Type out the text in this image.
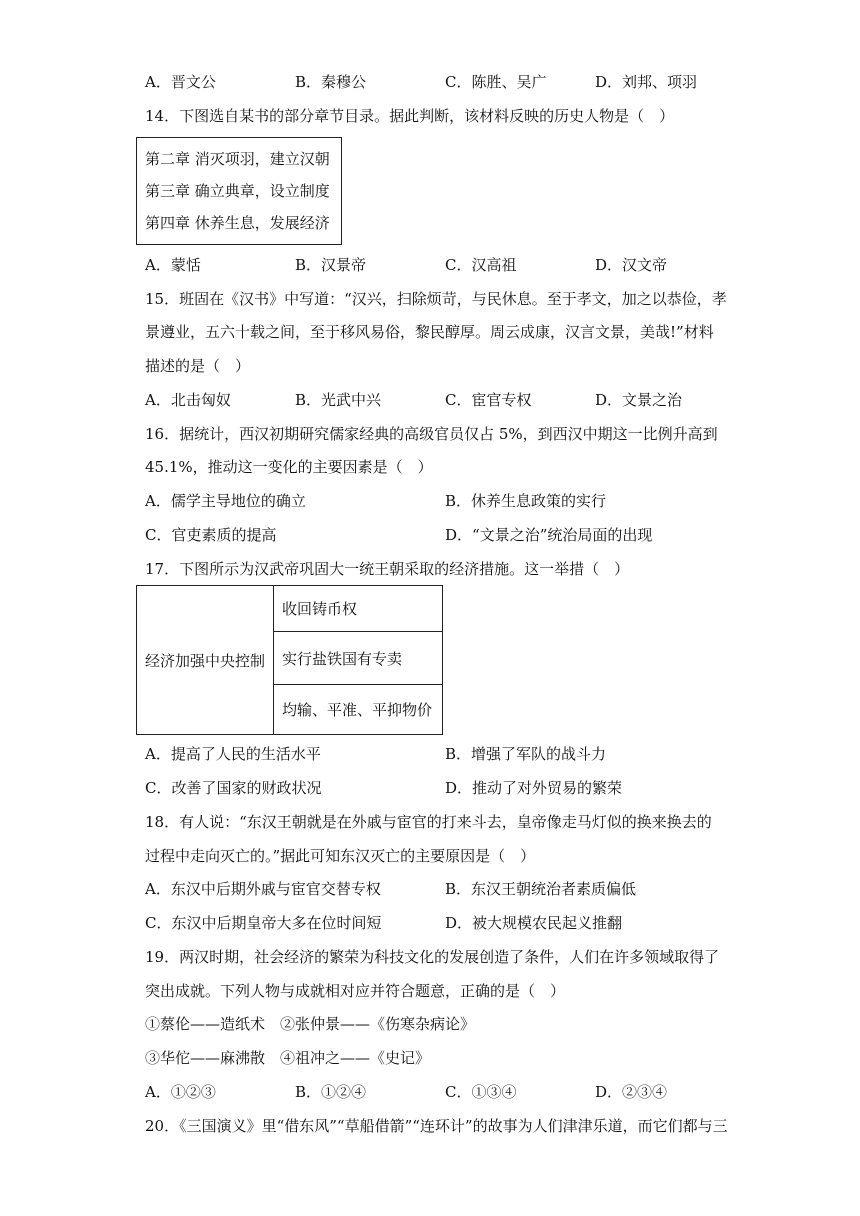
A．晋文公	B．秦穆公	C．陈胜、吴广	D．刘邦、项羽
14．下图选自某书的部分章节目录。据此判断，该材料反映的历史人物是（　）
第二章 消灭项羽，建立汉朝
第三章 确立典章，设立制度
第四章 休养生息，发展经济
A．蒙恬	B．汉景帝	C．汉高祖	D．汉文帝
15．班固在《汉书》中写道：“汉兴，扫除烦苛，与民休息。至于孝文，加之以恭俭，孝
景遵业，五六十载之间，至于移风易俗，黎民醇厚。周云成康，汉言文景，美哉!”材料
描述的是（　）
A．北击匈奴	B．光武中兴	C．宦官专权	D．文景之治
16．据统计，西汉初期研究儒家经典的高级官员仅占 5%，到西汉中期这一比例升高到
45.1%，推动这一变化的主要因素是（　）
A．儒学主导地位的确立	B．休养生息政策的实行
C．官吏素质的提高	D．“文景之治”统治局面的出现
17．下图所示为汉武帝巩固大一统王朝采取的经济措施。这一举措（　）
经济加强中央控制	收回铸币权
实行盐铁国有专卖
均输、平准、平抑物价
A．提高了人民的生活水平	B．增强了军队的战斗力
C．改善了国家的财政状况	D．推动了对外贸易的繁荣
18．有人说：“东汉王朝就是在外戚与宦官的打来斗去，皇帝像走马灯似的换来换去的
过程中走向灭亡的。”据此可知东汉灭亡的主要原因是（　）
A．东汉中后期外戚与宦官交替专权	B．东汉王朝统治者素质偏低
C．东汉中后期皇帝大多在位时间短	D．被大规模农民起义推翻
19．两汉时期，社会经济的繁荣为科技文化的发展创造了条件，人们在许多领域取得了
突出成就。下列人物与成就相对应并符合题意，正确的是（　）
①蔡伦——造纸术　②张仲景——《伤寒杂病论》
③华佗——麻沸散　④祖冲之——《史记》
A．①②③	B．①②④	C．①③④	D．②③④
20．《三国演义》里“借东风”“草船借箭”“连环计”的故事为人们津津乐道，而它们都与三
